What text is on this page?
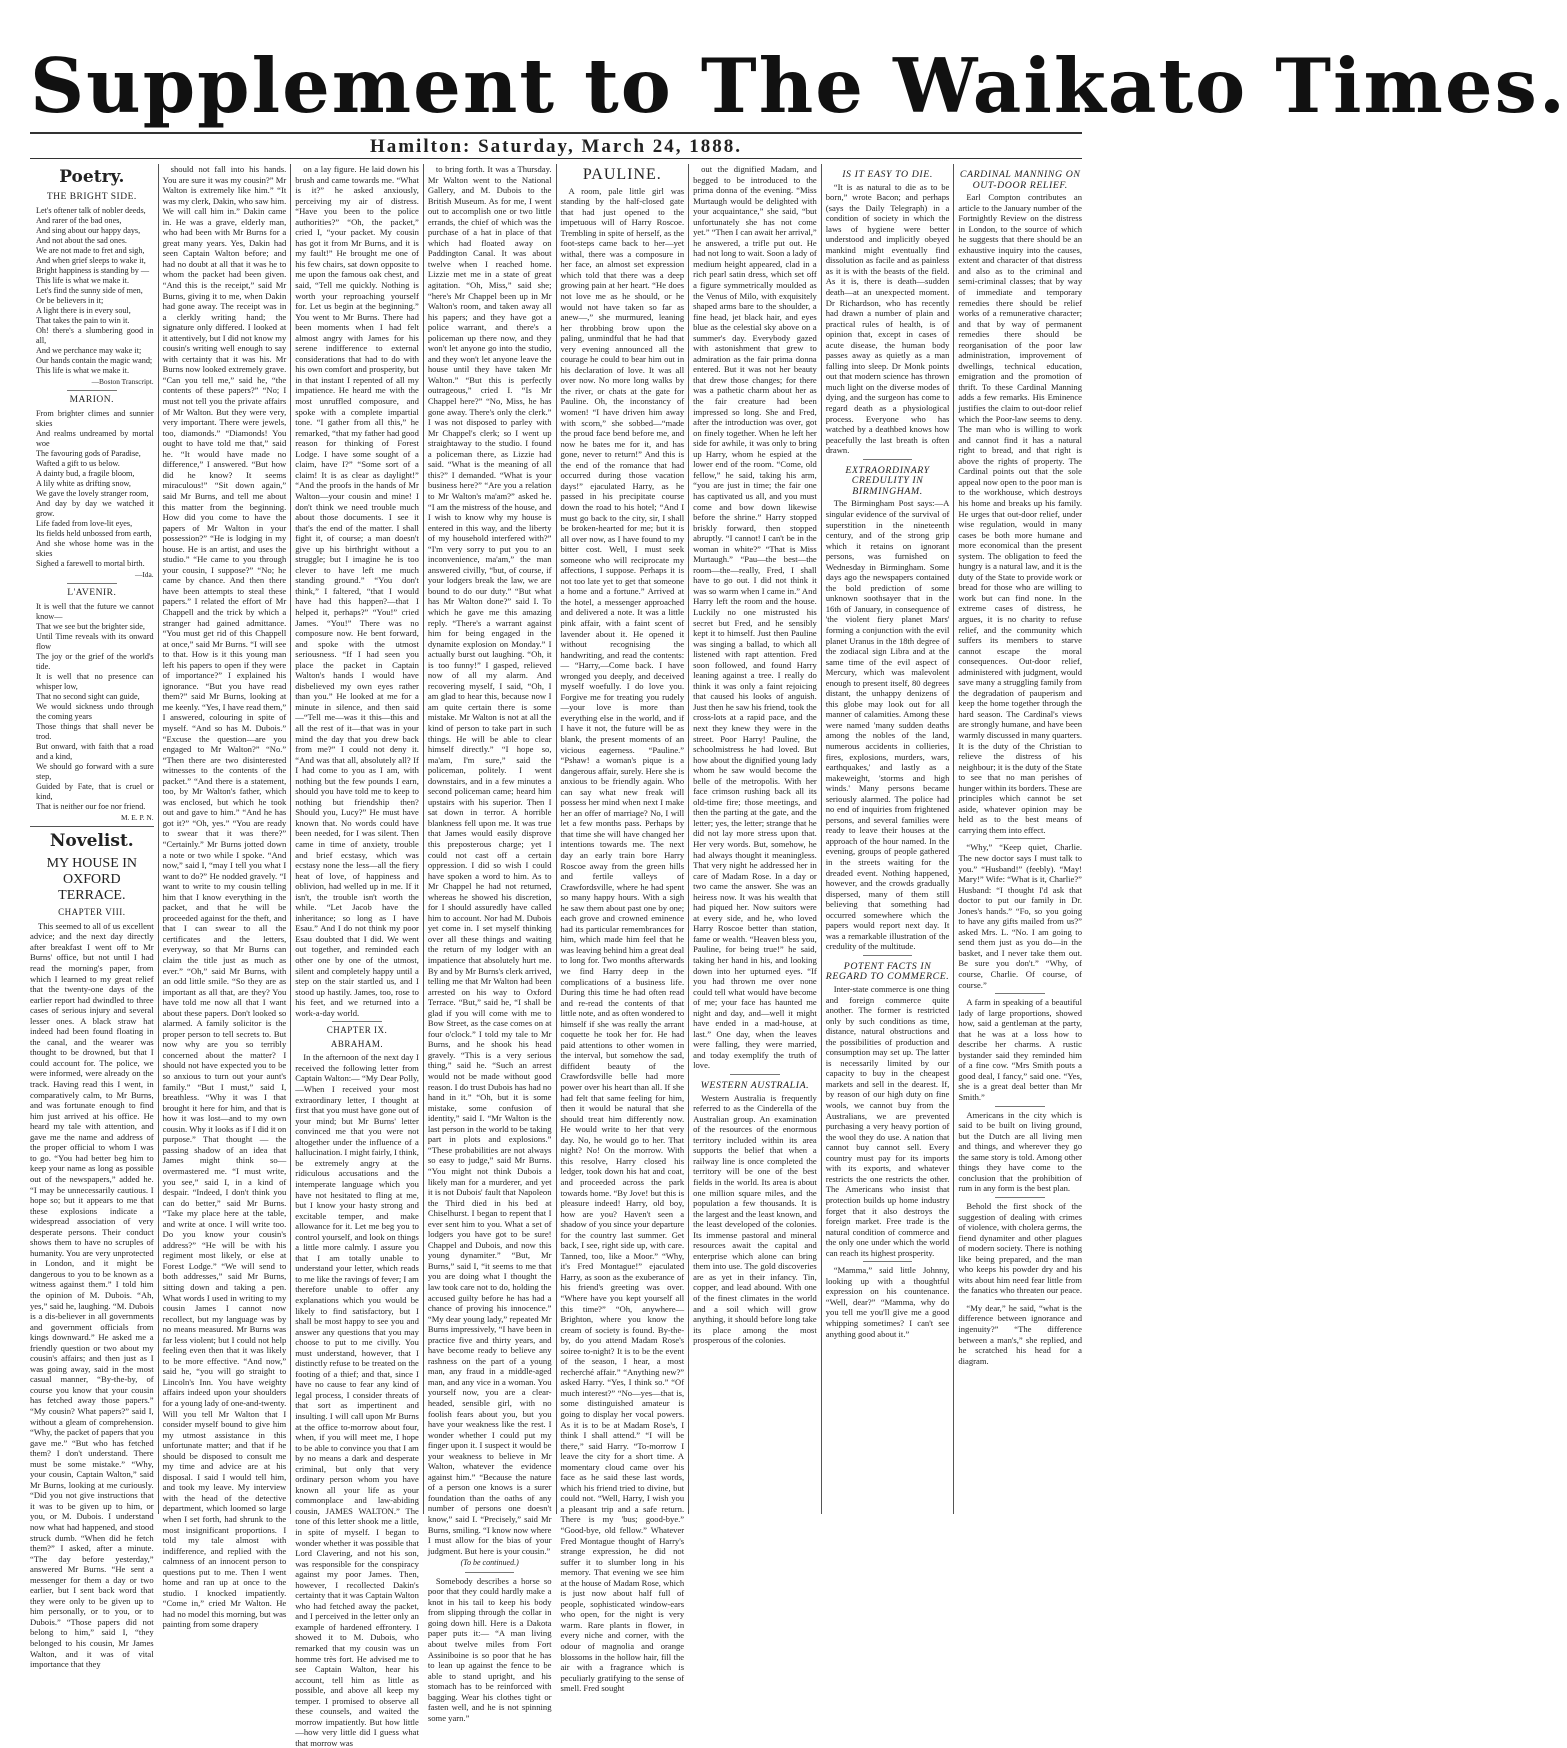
Supplement to The Waikato Times.
Hamilton: Saturday, March 24, 1888.
Poetry.
THE BRIGHT SIDE.
Let's oftener talk of nobler deeds,
And rarer of the bad ones,
And sing about our happy days,
And not about the sad ones.
We are not made to fret and sigh,
And when grief sleeps to wake it,
Bright happiness is standing by —
This life is what we make it.
Let's find the sunny side of men,
Or be believers in it;
A light there is in every soul,
That takes the pain to win it.
Oh! there's a slumbering good in all,
And we perchance may wake it;
Our hands contain the magic wand;
This life is what we make it.
—Boston Transcript.
MARION.
From brighter climes and sunnier skies
And realms undreamed by mortal woe
The favouring gods of Paradise,
Wafted a gift to us below.
A dainty bud, a fragile bloom,
A lily white as drifting snow,
We gave the lovely stranger room,
And day by day we watched it grow.
Life faded from love-lit eyes,
Its fields held unbossed from earth,
And she whose home was in the skies
Sighed a farewell to mortal birth.
—Ida.
L'AVENIR.
It is well that the future we cannot know—
That we see but the brighter side,
Until Time reveals with its onward flow
The joy or the grief of the world's tide.
It is well that no presence can whisper low,
That no second sight can guide,
We would sickness undo through the coming years
Those things that shall never be trod.
But onward, with faith that a road and a kind,
We should go forward with a sure step,
Guided by Fate, that is cruel or kind,
That is neither our foe nor friend.
M. E. P. N.
Novelist.
MY HOUSE IN OXFORD TERRACE.
CHAPTER VIII.

This seemed to all of us excellent advice; and the next day directly after breakfast I went off to Mr Burns' office, but not until I had read the morning's paper, from which I learned to my great relief that the twenty-one days of the earlier report had dwindled to three cases of serious injury and several lesser ones. A black straw hat indeed had been found floating in the canal, and the wearer was thought to be drowned, but that I could account for. The police, we were informed, were already on the track. Having read this I went, in comparatively calm, to Mr Burns, and was fortunate enough to find him just arrived at his office. He heard my tale with attention, and gave me the name and address of the proper official to whom I was to go. “You had better beg him to keep your name as long as possible out of the newspapers,” added he. “I may be unnecessarily cautious. I hope so; but it appears to me that these explosions indicate a widespread association of very desperate persons. Their conduct shows them to have no scruples of humanity. You are very unprotected in London, and it might be dangerous to you to be known as a witness against them.” I told him the opinion of M. Dubois. “Ah, yes,” said he, laughing. “M. Dubois is a dis-believer in all governments and government officials from kings downward.” He asked me a friendly question or two about my cousin's affairs; and then just as I was going away, said in the most casual manner, “By-the-by, of course you know that your cousin has fetched away those papers.” “My cousin? What papers?” said I, without a gleam of comprehension. “Why, the packet of papers that you gave me.” “But who has fetched them? I don't understand. There must be some mistake.” “Why, your cousin, Captain Walton,” said Mr Burns, looking at me curiously. “Did you not give instructions that it was to be given up to him, or you, or M. Dubois. I understand now what had happened, and stood struck dumb. “When did he fetch them?” I asked, after a minute. “The day before yesterday,” answered Mr Burns. “He sent a messenger for them a day or two earlier, but I sent back word that they were only to be given up to him personally, or to you, or to Dubois.” “Those papers did not belong to him,” said I, “they belonged to his cousin, Mr James Walton, and it was of vital importance that they

should not fall into his hands. You are sure it was my cousin?” Mr Walton is extremely like him.” “It was my clerk, Dakin, who saw him. We will call him in.” Dakin came in. He was a grave, elderly man, who had been with Mr Burns for a great many years. Yes, Dakin had seen Captain Walton before; and had no doubt at all that it was he to whom the packet had been given. “And this is the receipt,” said Mr Burns, giving it to me, when Dakin had gone away. The receipt was in a clerkly writing hand; the signature only differed. I looked at it attentively, but I did not know my cousin's writing well enough to say with certainty that it was his. Mr Burns now looked extremely grave. “Can you tell me,” said he, “the contents of these papers?” “No; I must not tell you the private affairs of Mr Walton. But they were very, very important. There were jewels, too, diamonds.” “Diamonds! You ought to have told me that,” said he. “It would have made no difference,” I answered. “But how did he know? It seems miraculous!” “Sit down again,” said Mr Burns, and tell me about this matter from the beginning. How did you come to have the papers of Mr Walton in your possession?” “He is lodging in my house. He is an artist, and uses the studio.” “He came to you through your cousin, I suppose?” “No; he came by chance. And then there have been attempts to steal these papers.” I related the effort of Mr Chappell and the trick by which a stranger had gained admittance. “You must get rid of this Chappell at once,” said Mr Burns. “I will see to that. How is it this young man left his papers to open if they were of importance?” I explained his ignorance. “But you have read them?” said Mr Burns, looking at me keenly. “Yes, I have read them,” I answered, colouring in spite of myself. “And so has M. Dubois.” “Excuse the question—are you engaged to Mr Walton?” “No.” “Then there are two disinterested witnesses to the contents of the packet.” “And there is a statement, too, by Mr Walton's father, which was enclosed, but which he took out and gave to him.” “And he has got it?” “Oh, yes.” “You are ready to swear that it was there?” “Certainly.” Mr Burns jotted down a note or two while I spoke. “And now,” said I, “may I tell you what I want to do?” He nodded gravely. “I want to write to my cousin telling him that I know everything in the packet, and that he will be proceeded against for the theft, and that I can swear to all the certificates and the letters, everyway, so that Mr Burns can claim the title just as much as ever.” “Oh,” said Mr Burns, with an odd little smile. “So they are as important as all that, are they? You have told me now all that I want about these papers. Don't looked so alarmed. A family solicitor is the proper person to tell secrets to. But now why are you so terribly concerned about the matter? I should not have expected you to be so anxious to turn out your aunt's family.” “But I must,” said I, breathless. “Why it was I that brought it here for him, and that is how it was lost—and to my own cousin. Why it looks as if I did it on purpose.” That thought — the passing shadow of an idea that James might think so—overmastered me. “I must write, you see,” said I, in a kind of despair. “Indeed, I don't think you can do better,” said Mr Burns. “Take my place here at the table, and write at once. I will write too. Do you know your cousin's address?” “He will be with his regiment most likely, or else at Forest Lodge.” “We will send to both addresses,” said Mr Burns, sitting down and taking a pen. What words I used in writing to my cousin James I cannot now recollect, but my language was by no means measured. Mr Burns was far less violent; but I could not help feeling even then that it was likely to be more effective. “And now,” said he, “you will go straight to Lincoln's Inn. You have weighty affairs indeed upon your shoulders for a young lady of one-and-twenty. Will you tell Mr Walton that I consider myself bound to give him my utmost assistance in this unfortunate matter; and that if he should be disposed to consult me my time and advice are at his disposal. I said I would tell him, and took my leave. My interview with the head of the detective department, which loomed so large when I set forth, had shrunk to the most insignificant proportions. I told my tale almost with indifference, and replied with the calmness of an innocent person to questions put to me. Then I went home and ran up at once to the studio. I knocked impatiently. “Come in,” cried Mr Walton. He had no model this morning, but was painting from some drapery

on a lay figure. He laid down his brush and came towards me. “What is it?” he asked anxiously, perceiving my air of distress. “Have you been to the police authorities?” “Oh, the packet,” cried I, “your packet. My cousin has got it from Mr Burns, and it is my fault!” He brought me one of his few chairs, sat down opposite to me upon the famous oak chest, and said, “Tell me quickly. Nothing is worth your reproaching yourself for. Let us begin at the beginning.” You went to Mr Burns. There had been moments when I had felt almost angry with James for his serene indifference to external considerations that had to do with his own comfort and prosperity, but in that instant I repented of all my impatience. He heard me with the most unruffled composure, and spoke with a complete impartial tone. “I gather from all this,” he remarked, “that my father had good reason for thinking of Forest Lodge. I have some sought of a claim, have I?” “Some sort of a claim! It is as clear as daylight!” “And the proofs in the hands of Mr Walton—your cousin and mine! I don't think we need trouble much about those documents. I see it that's the end of the matter. I shall fight it, of course; a man doesn't give up his birthright without a struggle; but I imagine he is too clever to have left me much standing ground.” “You don't think,” I faltered, “that I would have had this happen?—that I helped it, perhaps?” “You!” cried James. “You!” There was no composure now. He bent forward, and spoke with the utmost seriousness. “If I had seen you place the packet in Captain Walton's hands I would have disbelieved my own eyes rather than you.” He looked at me for a minute in silence, and then said—“Tell me—was it this—this and all the rest of it—that was in your mind the day that you drew back from me?” I could not deny it. “And was that all, absolutely all? If I had come to you as I am, with nothing but the few pounds I earn, should you have told me to keep to nothing but friendship then? Should you, Lucy?” He must have known that. No words could have been needed, for I was silent. Then came in time of anxiety, trouble and brief ecstasy, which was ecstasy none the less—all the fiery heat of love, of happiness and oblivion, had welled up in me. If it isn't, the trouble isn't worth the while. “Let Jacob have the inheritance; so long as I have Esau.” And I do not think my poor Esau doubted that I did. We went out together, and reminded each other one by one of the utmost, silent and completely happy until a step on the stair startled us, and I stood up hastily. James, too, rose to his feet, and we returned into a work-a-day world.

CHAPTER IX.
ABRAHAM.

In the afternoon of the next day I received the following letter from Captain Walton:— “My Dear Polly,—When I received your most extraordinary letter, I thought at first that you must have gone out of your mind; but Mr Burns' letter convinced me that you were not altogether under the influence of a hallucination. I might fairly, I think, be extremely angry at the ridiculous accusations and the intemperate language which you have not hesitated to fling at me, but I know your hasty strong and excitable temper, and make allowance for it. Let me beg you to control yourself, and look on things a little more calmly. I assure you that I am totally unable to understand your letter, which reads to me like the ravings of fever; I am therefore unable to offer any explanations which you would be likely to find satisfactory, but I shall be most happy to see you and answer any questions that you may choose to put to me civilly. You must understand, however, that I distinctly refuse to be treated on the footing of a thief; and that, since I have no cause to fear any kind of legal process, I consider threats of that sort as impertinent and insulting. I will call upon Mr Burns at the office to-morrow about four, when, if you will meet me, I hope to be able to convince you that I am by no means a dark and desperate criminal, but only that very ordinary person whom you have known all your life as your commonplace and law-abiding cousin, JAMES WALTON.” The tone of this letter shook me a little, in spite of myself. I began to wonder whether it was possible that Lord Clavering, and not his son, was responsible for the conspiracy against my poor James. Then, however, I recollected Dakin's certainty that it was Captain Walton who had fetched away the packet, and I perceived in the letter only an example of hardened effrontery. I showed it to M. Dubois, who remarked that my cousin was un homme très fort. He advised me to see Captain Walton, hear his account, tell him as little as possible, and above all keep my temper. I promised to observe all these counsels, and waited the morrow impatiently. But how little—how very little did I guess what that morrow was

to bring forth. It was a Thursday. Mr Walton went to the National Gallery, and M. Dubois to the British Museum. As for me, I went out to accomplish one or two little errands, the chief of which was the purchase of a hat in place of that which had floated away on Paddington Canal. It was about twelve when I reached home. Lizzie met me in a state of great agitation. “Oh, Miss,” said she; “here's Mr Chappel been up in Mr Walton's room, and taken away all his papers; and they have got a police warrant, and there's a policeman up there now, and they won't let anyone go into the studio, and they won't let anyone leave the house until they have taken Mr Walton.” “But this is perfectly outrageous,” cried I. “Is Mr Chappel here?” “No, Miss, he has gone away. There's only the clerk.” I was not disposed to parley with Mr Chappel's clerk; so I went up straightaway to the studio. I found a policeman there, as Lizzie had said. “What is the meaning of all this?” I demanded. “What is your business here?” “Are you a relation to Mr Walton's ma'am?” asked he. “I am the mistress of the house, and I wish to know why my house is entered in this way, and the liberty of my household interfered with?” “I'm very sorry to put you to an inconvenience, ma'am,” the man answered civilly, “but, of course, if your lodgers break the law, we are bound to do our duty.” “But what has Mr Walton done?” said I. To which he gave me this amazing reply. “There's a warrant against him for being engaged in the dynamite explosion on Monday.” I actually burst out laughing. “Oh, it is too funny!” I gasped, relieved now of all my alarm. And recovering myself, I said, “Oh, I am glad to hear this, because now I am quite certain there is some mistake. Mr Walton is not at all the kind of person to take part in such things. He will be able to clear himself directly.” “I hope so, ma'am, I'm sure,” said the policeman, politely. I went downstairs, and in a few minutes a second policeman came; heard him upstairs with his superior. Then I sat down in terror. A horrible blankness fell upon me. It was true that James would easily disprove this preposterous charge; yet I could not cast off a certain oppression. I did so wish I could have spoken a word to him. As to Mr Chappel he had not returned, whereas he showed his discretion, for I should assuredly have called him to account. Nor had M. Dubois yet come in. I set myself thinking over all these things and waiting the return of my lodger with an impatience that absolutely hurt me. By and by Mr Burns's clerk arrived, telling me that Mr Walton had been arrested on his way to Oxford Terrace. “But,” said he, “I shall be glad if you will come with me to Bow Street, as the case comes on at four o'clock.” I told my tale to Mr Burns, and he shook his head gravely. “This is a very serious thing,” said he. “Such an arrest would not be made without good reason. I do trust Dubois has had no hand in it.” “Oh, but it is some mistake, some confusion of identity,” said I. “Mr Walton is the last person in the world to be taking part in plots and explosions.” “These probabilities are not always so easy to judge,” said Mr Burns. “You might not think Dubois a likely man for a murderer, and yet it is not Dubois' fault that Napoleon the Third died in his bed at Chiselhurst. I began to repent that I ever sent him to you. What a set of lodgers you have got to be sure! Chappel and Dubois, and now this young dynamiter.” “But, Mr Burns,” said I, “it seems to me that you are doing what I thought the law took care not to do, holding the accused guilty before he has had a chance of proving his innocence.” “My dear young lady,” repeated Mr Burns impressively, “I have been in practice five and thirty years, and have become ready to believe any rashness on the part of a young man, any fraud in a middle-aged man, and any vice in a woman. You yourself now, you are a clear-headed, sensible girl, with no foolish fears about you, but you have your weakness like the rest. I wonder whether I could put my finger upon it. I suspect it would be your weakness to believe in Mr Walton, whatever the evidence against him.” “Because the nature of a person one knows is a surer foundation than the oaths of any number of persons one doesn't know,” said I. “Precisely,” said Mr Burns, smiling. “I know now where I must allow for the bias of your judgment. But here is your cousin.”

(To be continued.)

Somebody describes a horse so poor that they could hardly make a knot in his tail to keep his body from slipping through the collar in going down hill. Here is a Dakota paper puts it:— “A man living about twelve miles from Fort Assiniboine is so poor that he has to lean up against the fence to be able to stand upright, and his stomach has to be reinforced with bagging. Wear his clothes tight or fasten well, and he is not spinning some yarn.”

PAULINE.

A room, pale little girl was standing by the half-closed gate that had just opened to the impetuous will of Harry Roscoe. Trembling in spite of herself, as the foot-steps came back to her—yet withal, there was a composure in her face, an almost set expression which told that there was a deep growing pain at her heart. “He does not love me as he should, or he would not have taken so far as anew—,” she murmured, leaning her throbbing brow upon the paling, unmindful that he had that very evening announced all the courage he could to bear him out in his declaration of love. It was all over now. No more long walks by the river, or chats at the gate for Pauline. Oh, the inconstancy of women! “I have driven him away with scorn,” she sobbed—“made the proud face bend before me, and now he bates me for it, and has gone, never to return!” And this is the end of the romance that had occurred during those vacation days!” ejaculated Harry, as he passed in his precipitate course down the road to his hotel; “And I must go back to the city, sir, I shall be broken-hearted for me; but it is all over now, as I have found to my bitter cost. Well, I must seek someone who will reciprocate my affections, I suppose. Perhaps it is not too late yet to get that someone a home and a fortune.” Arrived at the hotel, a messenger approached and delivered a note. It was a little pink affair, with a faint scent of lavender about it. He opened it without recognising the handwriting, and read the contents:— “Harry,—Come back. I have wronged you deeply, and deceived myself woefully. I do love you. Forgive me for treating you rudely—your love is more than everything else in the world, and if I have it not, the future will be as blank, the present moments of an vicious eagerness. “Pauline.” “Pshaw! a woman's pique is a dangerous affair, surely. Here she is anxious to be friendly again. Who can say what new freak will possess her mind when next I make her an offer of marriage? No, I will let a few months pass. Perhaps by that time she will have changed her intentions towards me. The next day an early train bore Harry Roscoe away from the green hills and fertile valleys of Crawfordsville, where he had spent so many happy hours. With a sigh he saw them about past one by one; each grove and crowned eminence had its particular remembrances for him, which made him feel that he was leaving behind him a great deal to long for. Two months afterwards we find Harry deep in the complications of a business life. During this time he had often read and re-read the contents of that little note, and as often wondered to himself if she was really the arrant coquette he took her for. He had paid attentions to other women in the interval, but somehow the sad, diffident beauty of the Crawfordsville belle had more power over his heart than all. If she had felt that same feeling for him, then it would be natural that she should treat him differently now. He would write to her that very day. No, he would go to her. That night? No! On the morrow. With this resolve, Harry closed his ledger, took down his hat and coat, and proceeded across the park towards home. “By Jove! but this is pleasure indeed! Harry, old boy, how are you? Haven't seen a shadow of you since your departure for the country last summer. Get back, I see, right side up, with care. Tanned, too, like a Moor.” “Why, it's Fred Montague!” ejaculated Harry, as soon as the exuberance of his friend's greeting was over. “Where have you kept yourself all this time?” “Oh, anywhere—Brighton, where you know the cream of society is found. By-the-by, do you attend Madam Rose's soiree to-night? It is to be the event of the season, I hear, a most recherché affair.” “Anything new?” asked Harry. “Yes, I think so.” “Of much interest?” “No—yes—that is, some distinguished amateur is going to display her vocal powers. As it is to be at Madam Rose's, I think I shall attend.” “I will be there,” said Harry. “To-morrow I leave the city for a short time. A momentary cloud came over his face as he said these last words, which his friend tried to divine, but could not. “Well, Harry, I wish you a pleasant trip and a safe return. There is my 'bus; good-bye.” “Good-bye, old fellow.” Whatever Fred Montague thought of Harry's strange expression, he did not suffer it to slumber long in his memory. That evening we see him at the house of Madam Rose, which is just now about half full of people, sophisticated window-ears who open, for the night is very warm. Rare plants in flower, in every niche and corner, with the odour of magnolia and orange blossoms in the hollow hair, fill the air with a fragrance which is peculiarly gratifying to the sense of smell. Fred sought

out the dignified Madam, and begged to be introduced to the prima donna of the evening. “Miss Murtaugh would be delighted with your acquaintance,” she said, “but unfortunately she has not come yet.” “Then I can await her arrival,” he answered, a trifle put out. He had not long to wait. Soon a lady of medium height appeared, clad in a rich pearl satin dress, which set off a figure symmetrically moulded as the Venus of Milo, with exquisitely shaped arms bare to the shoulder, a fine head, jet black hair, and eyes blue as the celestial sky above on a summer's day. Everybody gazed with astonishment that grew to admiration as the fair prima donna entered. But it was not her beauty that drew those changes; for there was a pathetic charm about her as the fair creature had been impressed so long. She and Fred, after the introduction was over, got on finely together. When he left her side for awhile, it was only to bring up Harry, whom he espied at the lower end of the room. “Come, old fellow,” he said, taking his arm, “you are just in time; the fair one has captivated us all, and you must come and bow down likewise before the shrine.” Harry stopped briskly forward, then stopped abruptly. “I cannot! I can't be in the woman in white?” “That is Miss Murtaugh.” “Pau—the best—the room—the—really, Fred, I shall have to go out. I did not think it was so warm when I came in.” And Harry left the room and the house. Luckily no one mistrusted his secret but Fred, and he sensibly kept it to himself. Just then Pauline was singing a ballad, to which all listened with rapt attention. Fred soon followed, and found Harry leaning against a tree. I really do think it was only a faint rejoicing that caused his looks of anguish. Just then he saw his friend, took the cross-lots at a rapid pace, and the next they knew they were in the street. Poor Harry! Pauline, the schoolmistress he had loved. But how about the dignified young lady whom he saw would become the belle of the metropolis. With her face crimson rushing back all its old-time fire; those meetings, and then the parting at the gate, and the letter; yes, the letter; strange that he did not lay more stress upon that. Her very words. But, somehow, he had always thought it meaningless. That very night he addressed her in care of Madam Rose. In a day or two came the answer. She was an heiress now. It was his wealth that had piqued her. Now suitors were at every side, and he, who loved Harry Roscoe better than station, fame or wealth. “Heaven bless you, Pauline, for being true!” he said, taking her hand in his, and looking down into her upturned eyes. “If you had thrown me over none could tell what would have become of me; your face has haunted me night and day, and—well it might have ended in a mad-house, at last.” One day, when the leaves were falling, they were married, and today exemplify the truth of love.

WESTERN AUSTRALIA.

Western Australia is frequently referred to as the Cinderella of the Australian group. An examination of the resources of the enormous territory included within its area supports the belief that when a railway line is once completed the territory will be one of the best fields in the world. Its area is about one million square miles, and the population a few thousands. It is the largest and the least known, and the least developed of the colonies. Its immense pastoral and mineral resources await the capital and enterprise which alone can bring them into use. The gold discoveries are as yet in their infancy. Tin, copper, and lead abound. With one of the finest climates in the world and a soil which will grow anything, it should before long take its place among the most prosperous of the colonies.

IS IT EASY TO DIE.

“It is as natural to die as to be born,” wrote Bacon; and perhaps (says the Daily Telegraph) in a condition of society in which the laws of hygiene were better understood and implicitly obeyed mankind might eventually find dissolution as facile and as painless as it is with the beasts of the field. As it is, there is death—sudden death—at an unexpected moment. Dr Richardson, who has recently had drawn a number of plain and practical rules of health, is of opinion that, except in cases of acute disease, the human body passes away as quietly as a man falling into sleep. Dr Monk points out that modern science has thrown much light on the diverse modes of dying, and the surgeon has come to regard death as a physiological process. Everyone who has watched by a deathbed knows how peacefully the last breath is often drawn.

EXTRAORDINARY CREDULITY IN BIRMINGHAM.

The Birmingham Post says:—A singular evidence of the survival of superstition in the nineteenth century, and of the strong grip which it retains on ignorant persons, was furnished on Wednesday in Birmingham. Some days ago the newspapers contained the bold prediction of some unknown soothsayer that in the 16th of January, in consequence of 'the violent fiery planet Mars' forming a conjunction with the evil planet Uranus in the 18th degree of the zodiacal sign Libra and at the same time of the evil aspect of Mercury, which was malevolent enough to present itself, 80 degrees distant, the unhappy denizens of this globe may look out for all manner of calamities. Among these were named 'many sudden deaths among the nobles of the land, numerous accidents in collieries, fires, explosions, murders, wars, earthquakes,' and lastly as a makeweight, 'storms and high winds.' Many persons became seriously alarmed. The police had no end of inquiries from frightened persons, and several families were ready to leave their houses at the approach of the hour named. In the evening, groups of people gathered in the streets waiting for the dreaded event. Nothing happened, however, and the crowds gradually dispersed, many of them still believing that something had occurred somewhere which the papers would report next day. It was a remarkable illustration of the credulity of the multitude.

POTENT FACTS IN REGARD TO COMMERCE.

Inter-state commerce is one thing and foreign commerce quite another. The former is restricted only by such conditions as time, distance, natural obstructions and the possibilities of production and consumption may set up. The latter is necessarily limited by our capacity to buy in the cheapest markets and sell in the dearest. If, by reason of our high duty on fine wools, we cannot buy from the Australians, we are prevented purchasing a very heavy portion of the wool they do use. A nation that cannot buy cannot sell. Every country must pay for its imports with its exports, and whatever restricts the one restricts the other. The Americans who insist that protection builds up home industry forget that it also destroys the foreign market. Free trade is the natural condition of commerce and the only one under which the world can reach its highest prosperity.

“Mamma,” said little Johnny, looking up with a thoughtful expression on his countenance. “Well, dear?” “Mamma, why do you tell me you'll give me a good whipping sometimes? I can't see anything good about it.”

CARDINAL MANNING ON OUT-DOOR RELIEF.

Earl Compton contributes an article to the January number of the Fortnightly Review on the distress in London, to the source of which he suggests that there should be an exhaustive inquiry into the causes, extent and character of that distress and also as to the criminal and semi-criminal classes; that by way of immediate and temporary remedies there should be relief works of a remunerative character; and that by way of permanent remedies there should be reorganisation of the poor law administration, improvement of dwellings, technical education, emigration and the promotion of thrift. To these Cardinal Manning adds a few remarks. His Eminence justifies the claim to out-door relief which the Poor-law seems to deny. The man who is willing to work and cannot find it has a natural right to bread, and that right is above the rights of property. The Cardinal points out that the sole appeal now open to the poor man is to the workhouse, which destroys his home and breaks up his family. He urges that out-door relief, under wise regulation, would in many cases be both more humane and more economical than the present system. The obligation to feed the hungry is a natural law, and it is the duty of the State to provide work or bread for those who are willing to work but can find none. In the extreme cases of distress, he argues, it is no charity to refuse relief, and the community which suffers its members to starve cannot escape the moral consequences. Out-door relief, administered with judgment, would save many a struggling family from the degradation of pauperism and keep the home together through the hard season. The Cardinal's views are strongly humane, and have been warmly discussed in many quarters. It is the duty of the Christian to relieve the distress of his neighbour; it is the duty of the State to see that no man perishes of hunger within its borders. These are principles which cannot be set aside, whatever opinion may be held as to the best means of carrying them into effect.

“Why,” “Keep quiet, Charlie. The new doctor says I must talk to you.” “Husband!” (feebly). “May! Mary!” Wife: “What is it, Charlie?” Husband: “I thought I'd ask that doctor to put our family in Dr. Jones's hands.” “Fo, so you going to have any gifts mailed from us?” asked Mrs. L. “No. I am going to send them just as you do—in the basket, and I never take them out. Be sure you don't.” “Why, of course, Charlie. Of course, of course.”

A farm in speaking of a beautiful lady of large proportions, showed how, said a gentleman at the party, that he was at a loss how to describe her charms. A rustic bystander said they reminded him of a fine cow. “Mrs Smith pouts a good deal, I fancy,” said one. “Yes, she is a great deal better than Mr Smith.”

Americans in the city which is said to be built on living ground, but the Dutch are all living men and things, and wherever they go the same story is told. Among other things they have come to the conclusion that the prohibition of rum in any form is the best plan.

Behold the first shock of the suggestion of dealing with crimes of violence, with cholera germs, the fiend dynamiter and other plagues of modern society. There is nothing like being prepared, and the man who keeps his powder dry and his wits about him need fear little from the fanatics who threaten our peace.

“My dear,” he said, “what is the difference between ignorance and ingenuity?” “The difference between a man's,” she replied, and he scratched his head for a diagram.
